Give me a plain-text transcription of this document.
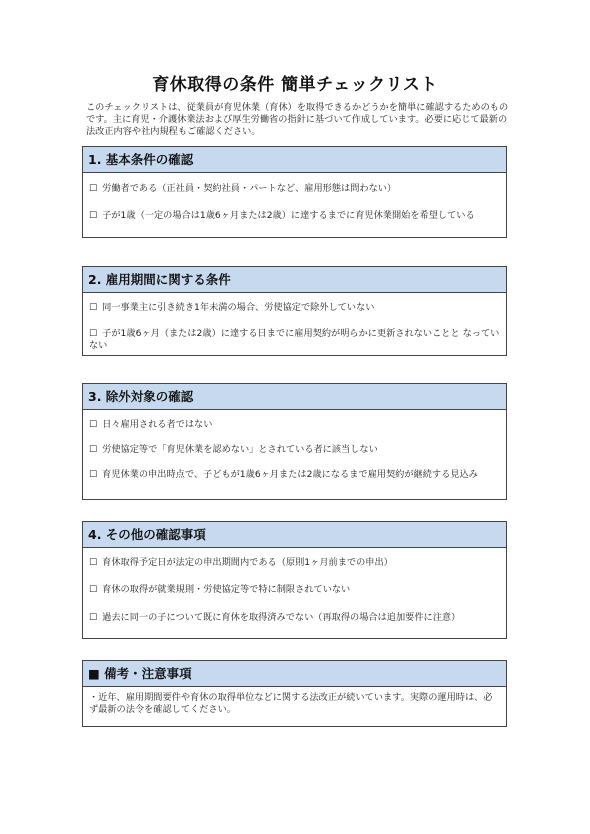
育休取得の条件 簡単チェックリスト
このチェックリストは、従業員が育児休業（育休）を取得できるかどうかを簡単に確認するためのものです。主に育児・介護休業法および厚生労働省の指針に基づいて作成しています。必要に応じて最新の法改正内容や社内規程もご確認ください。
1. 基本条件の確認
☐ 労働者である（正社員・契約社員・パートなど、雇用形態は問わない）
☐ 子が1歳（一定の場合は1歳6ヶ月または2歳）に達するまでに育児休業開始を希望している
2. 雇用期間に関する条件
☐ 同一事業主に引き続き1年未満の場合、労使協定で除外していない
☐ 子が1歳6ヶ月（または2歳）に達する日までに雇用契約が明らかに更新されないことと なっていない
3. 除外対象の確認
☐ 日々雇用される者ではない
☐ 労使協定等で「育児休業を認めない」とされている者に該当しない
☐ 育児休業の申出時点で、子どもが1歳6ヶ月または2歳になるまで雇用契約が継続する見込み
4. その他の確認事項
☐ 育休取得予定日が法定の申出期間内である（原則1ヶ月前までの申出）
☐ 育休の取得が就業規則・労使協定等で特に制限されていない
☐ 過去に同一の子について既に育休を取得済みでない（再取得の場合は追加要件に注意）
■ 備考・注意事項
・近年、雇用期間要件や育休の取得単位などに関する法改正が続いています。実際の運用時は、必ず最新の法令を確認してください。
